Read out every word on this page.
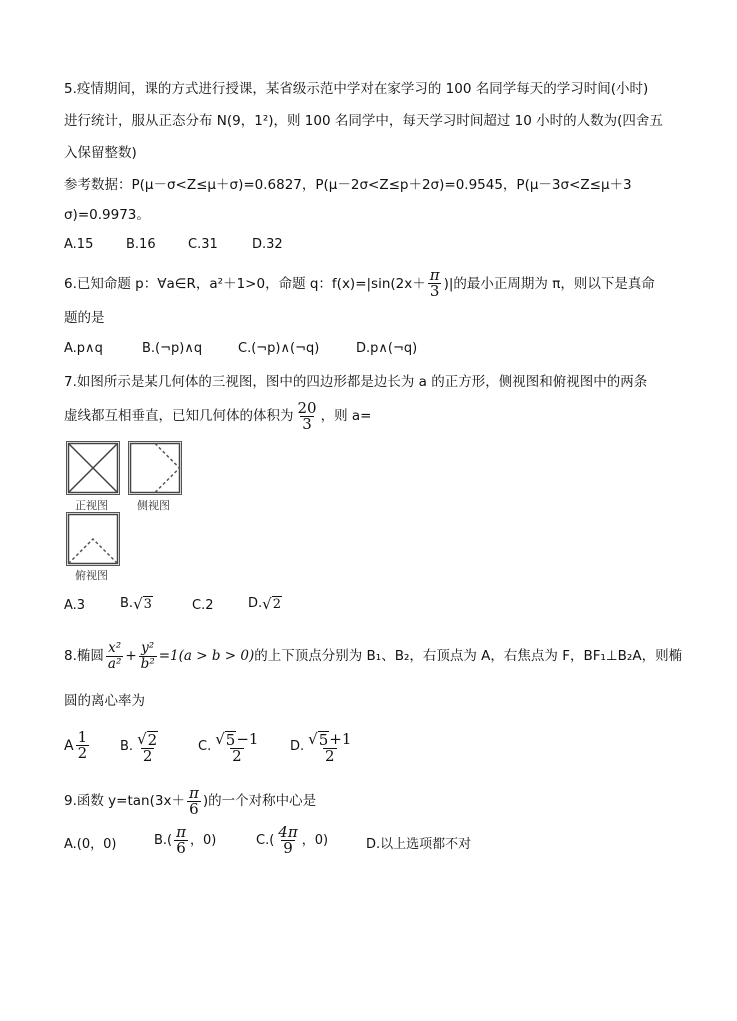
5.疫情期间，课的方式进行授课，某省级示范中学对在家学习的 100 名同学每天的学习时间(小时)
进行统计，服从正态分布 N(9，1²)，则 100 名同学中，每天学习时间超过 10 小时的人数为(四舍五
入保留整数)
参考数据：P(μ－σ<Z≤μ＋σ)=0.6827，P(μ－2σ<Z≤p＋2σ)=0.9545，P(μ－3σ<Z≤μ＋3
σ)=0.9973。
A.15	B.16 C.31	D.32
6.已知命题 p：∀a∈R，a²＋1>0，命题 q：$f(x)=|\sin(2x+ \frac{\pi}{3}$ )|的最小正周期为 π，则以下是真命
题的是
A.p∧q	B.(¬p)∧q	C.(¬p)∧(¬q)	D.p∧(¬q)
7.如图所示是某几何体的三视图，图中的四边形都是边长为 a 的正方形，侧视图和俯视图中的两条
虚线都互相垂直，已知几何体的体积为 $\frac{20}{3}$ ，则 a=
正视图	侧视图
俯视图
A.3	B. √ 3	C.2	D. √ 2
8.椭圆 $\frac{\text{x²}}{\text{a²}} + \frac{\text{y²}}{\text{b²}} =1(a > b > 0)$ 的上下顶点分别为 B₁、B₂，右顶点为 A，右焦点为 F，BF₁⊥B₂A，则椭
圆的离心率为
A $\frac{1}{2} B$. $\frac{√ 2}{2}$	C. $\frac{√ 5 -1}{2} D$. $\frac{√ 5 +1}{2}$
9.函数 $y=\tan(3x+ \frac{\pi}{6}$ )的一个对称中心是
A.(0，0)	$B.( \frac{\pi}{6}$ ，0)	$C.( \frac{4\pi}{9}$ ，0)	D.以上选项都不对
